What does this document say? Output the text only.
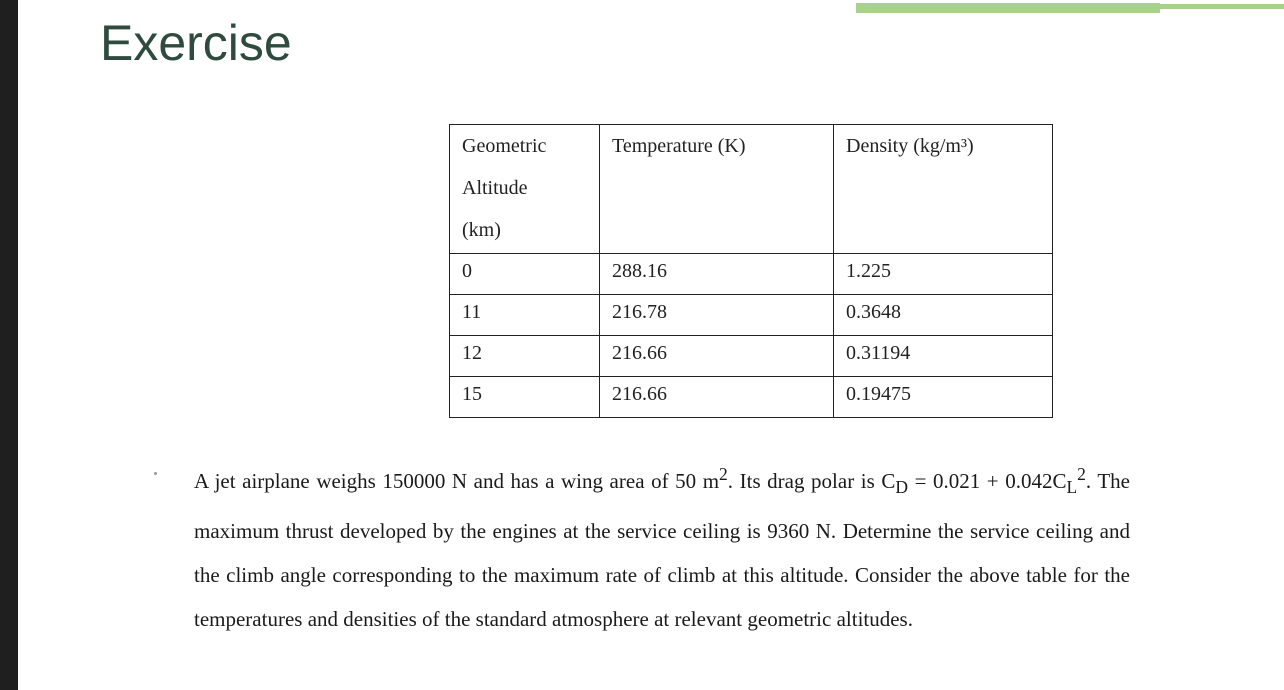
Exercise
Geometric
Altitude
(km)	Temperature (K)	Density (kg/m³)
0	288.16	1.225
11	216.78	0.3648
12	216.66	0.31194
15	216.66	0.19475

A jet airplane weighs 150000 N and has a wing area of 50 $m^2$. Its drag polar is $C_D = 0.021 + 0.042C_L^2$. The maximum thrust developed by the engines at the service ceiling is 9360 N. Determine the service ceiling and the climb angle corresponding to the maximum rate of climb at this altitude. Consider the above table for the temperatures and densities of the standard atmosphere at relevant geometric altitudes.
